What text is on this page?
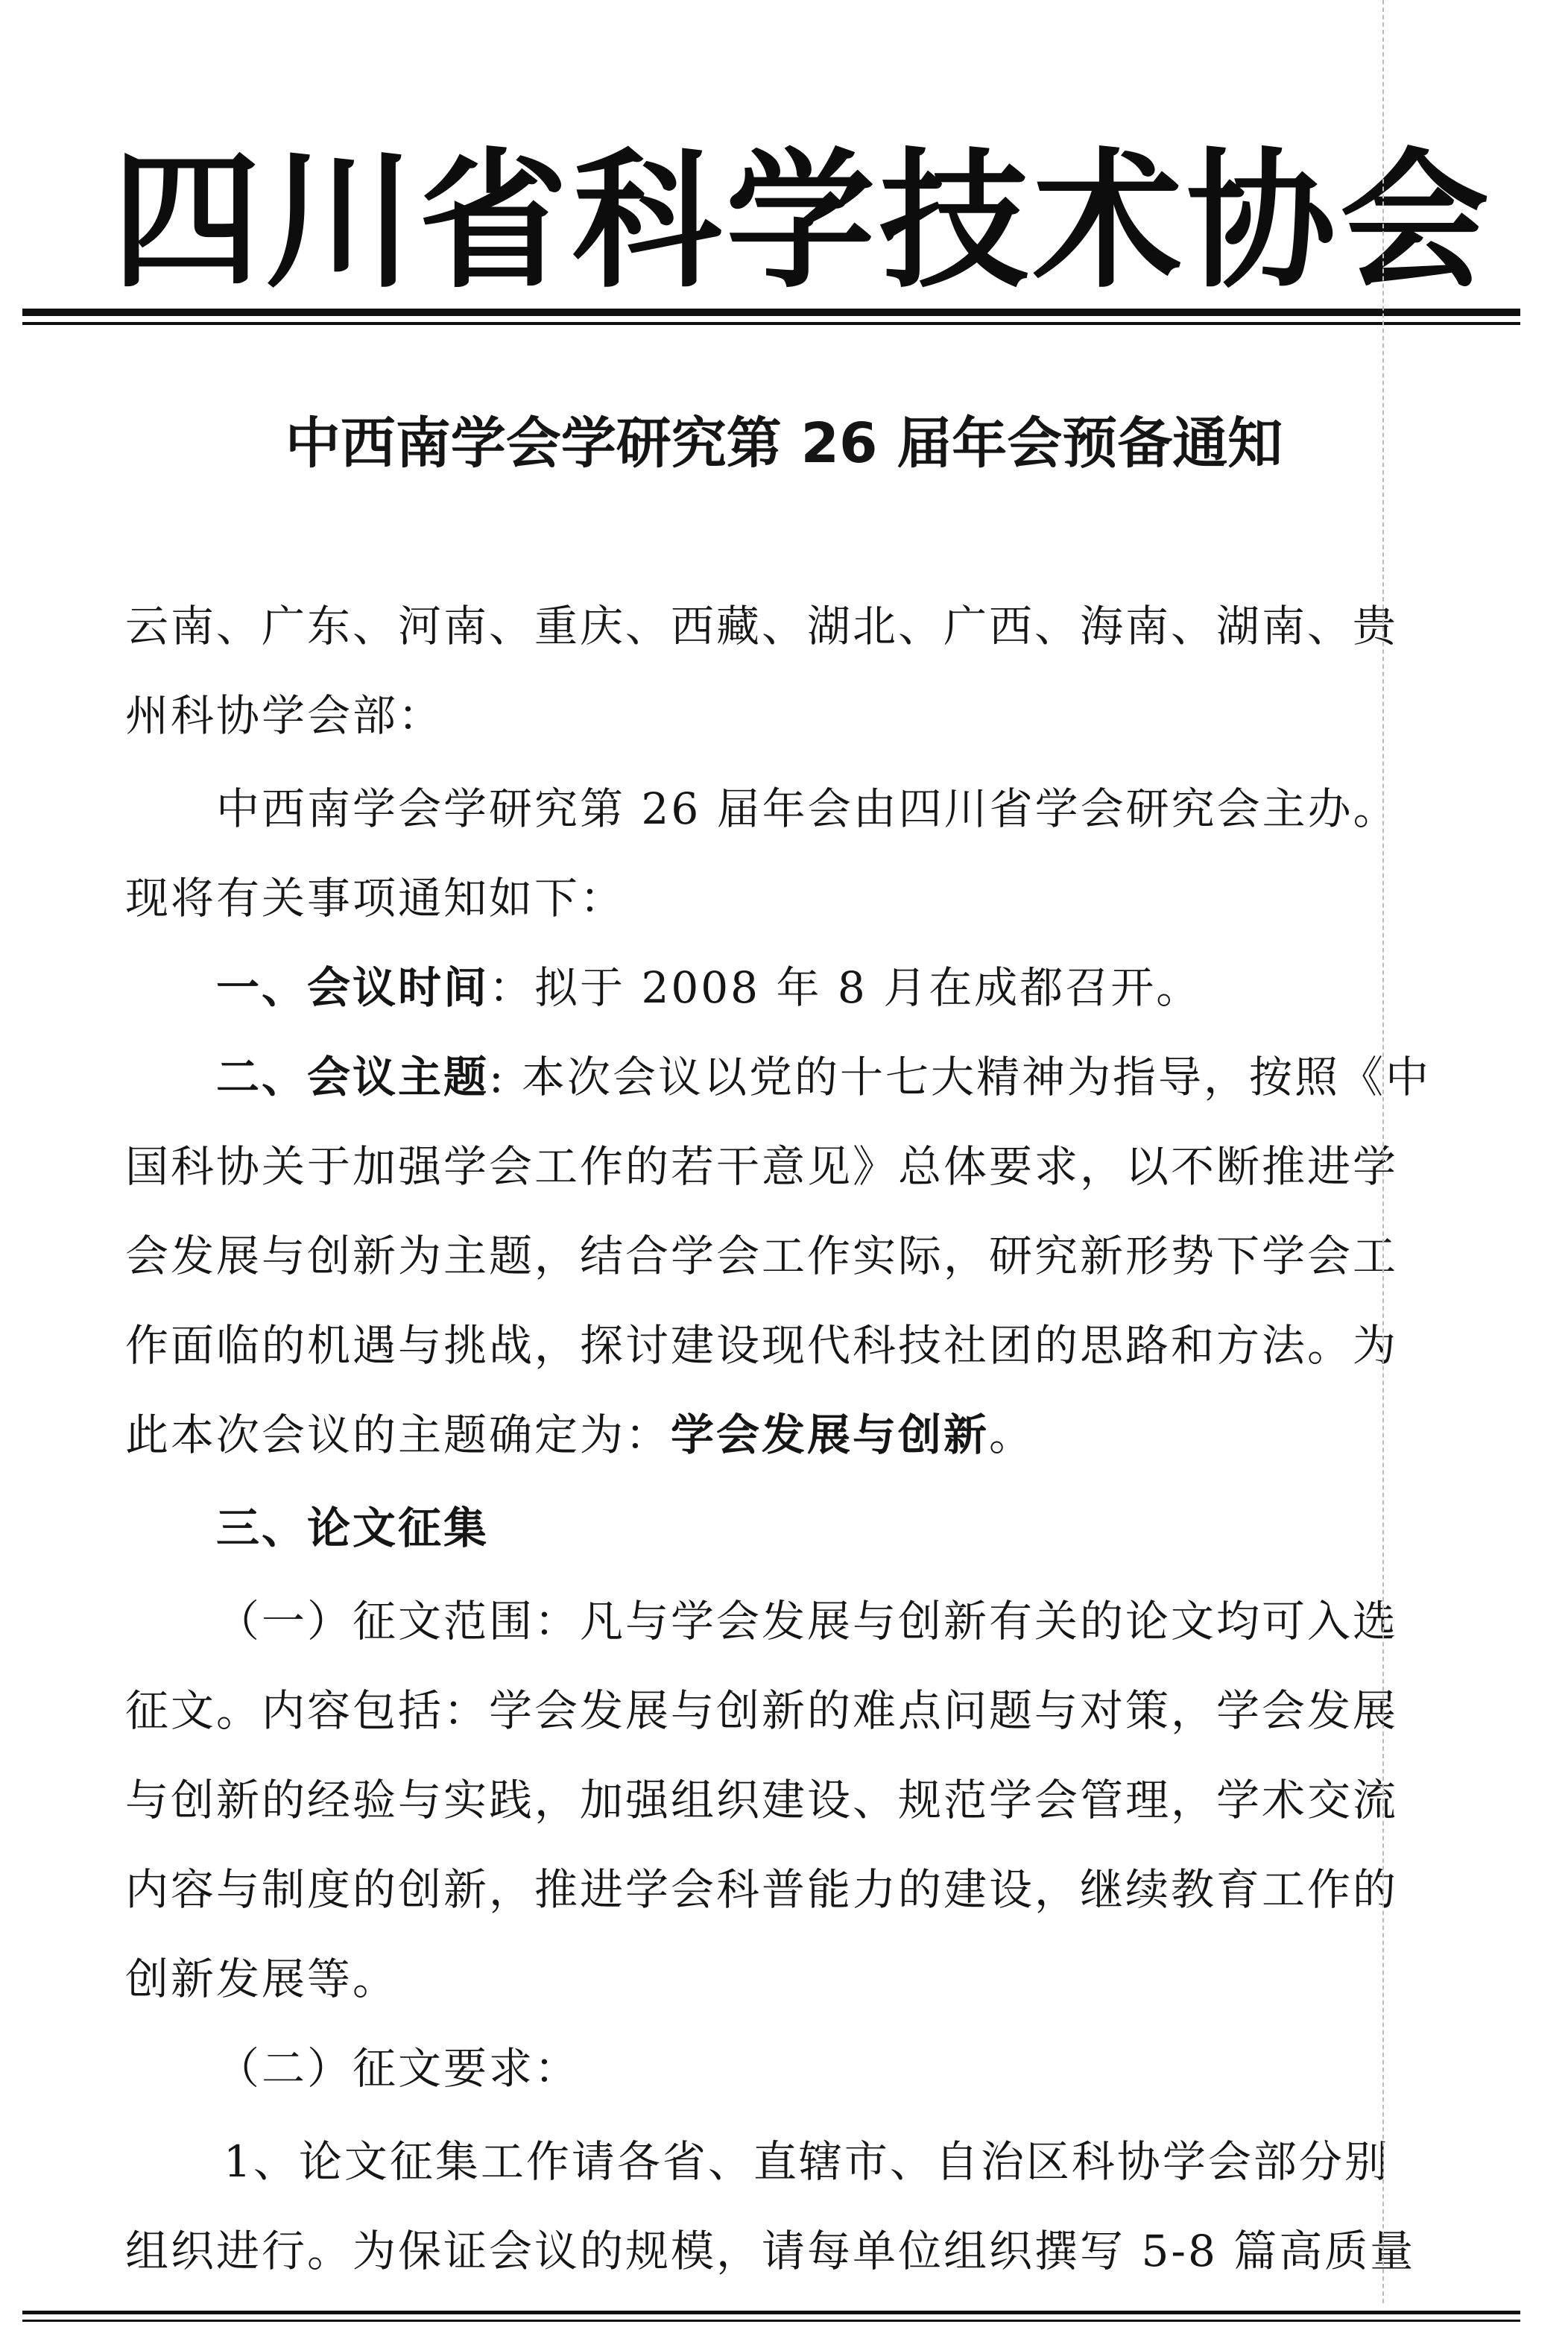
四川省科学技术协会
中西南学会学研究第 26 届年会预备通知
云南、广东、河南、重庆、西藏、湖北、广西、海南、湖南、贵
州科协学会部：
中西南学会学研究第 26 届年会由四川省学会研究会主办。
现将有关事项通知如下：
一、会议时间：拟于 2008 年 8 月在成都召开。
二、会议主题: 本次会议以党的十七大精神为指导，按照《中
国科协关于加强学会工作的若干意见》总体要求，以不断推进学
会发展与创新为主题，结合学会工作实际，研究新形势下学会工
作面临的机遇与挑战，探讨建设现代科技社团的思路和方法。为
此本次会议的主题确定为：学会发展与创新。
三、论文征集
（一）征文范围：凡与学会发展与创新有关的论文均可入选
征文。内容包括：学会发展与创新的难点问题与对策，学会发展
与创新的经验与实践，加强组织建设、规范学会管理，学术交流
内容与制度的创新，推进学会科普能力的建设，继续教育工作的
创新发展等。
（二）征文要求：
1、论文征集工作请各省、直辖市、自治区科协学会部分别
组织进行。为保证会议的规模，请每单位组织撰写 5-8 篇高质量
